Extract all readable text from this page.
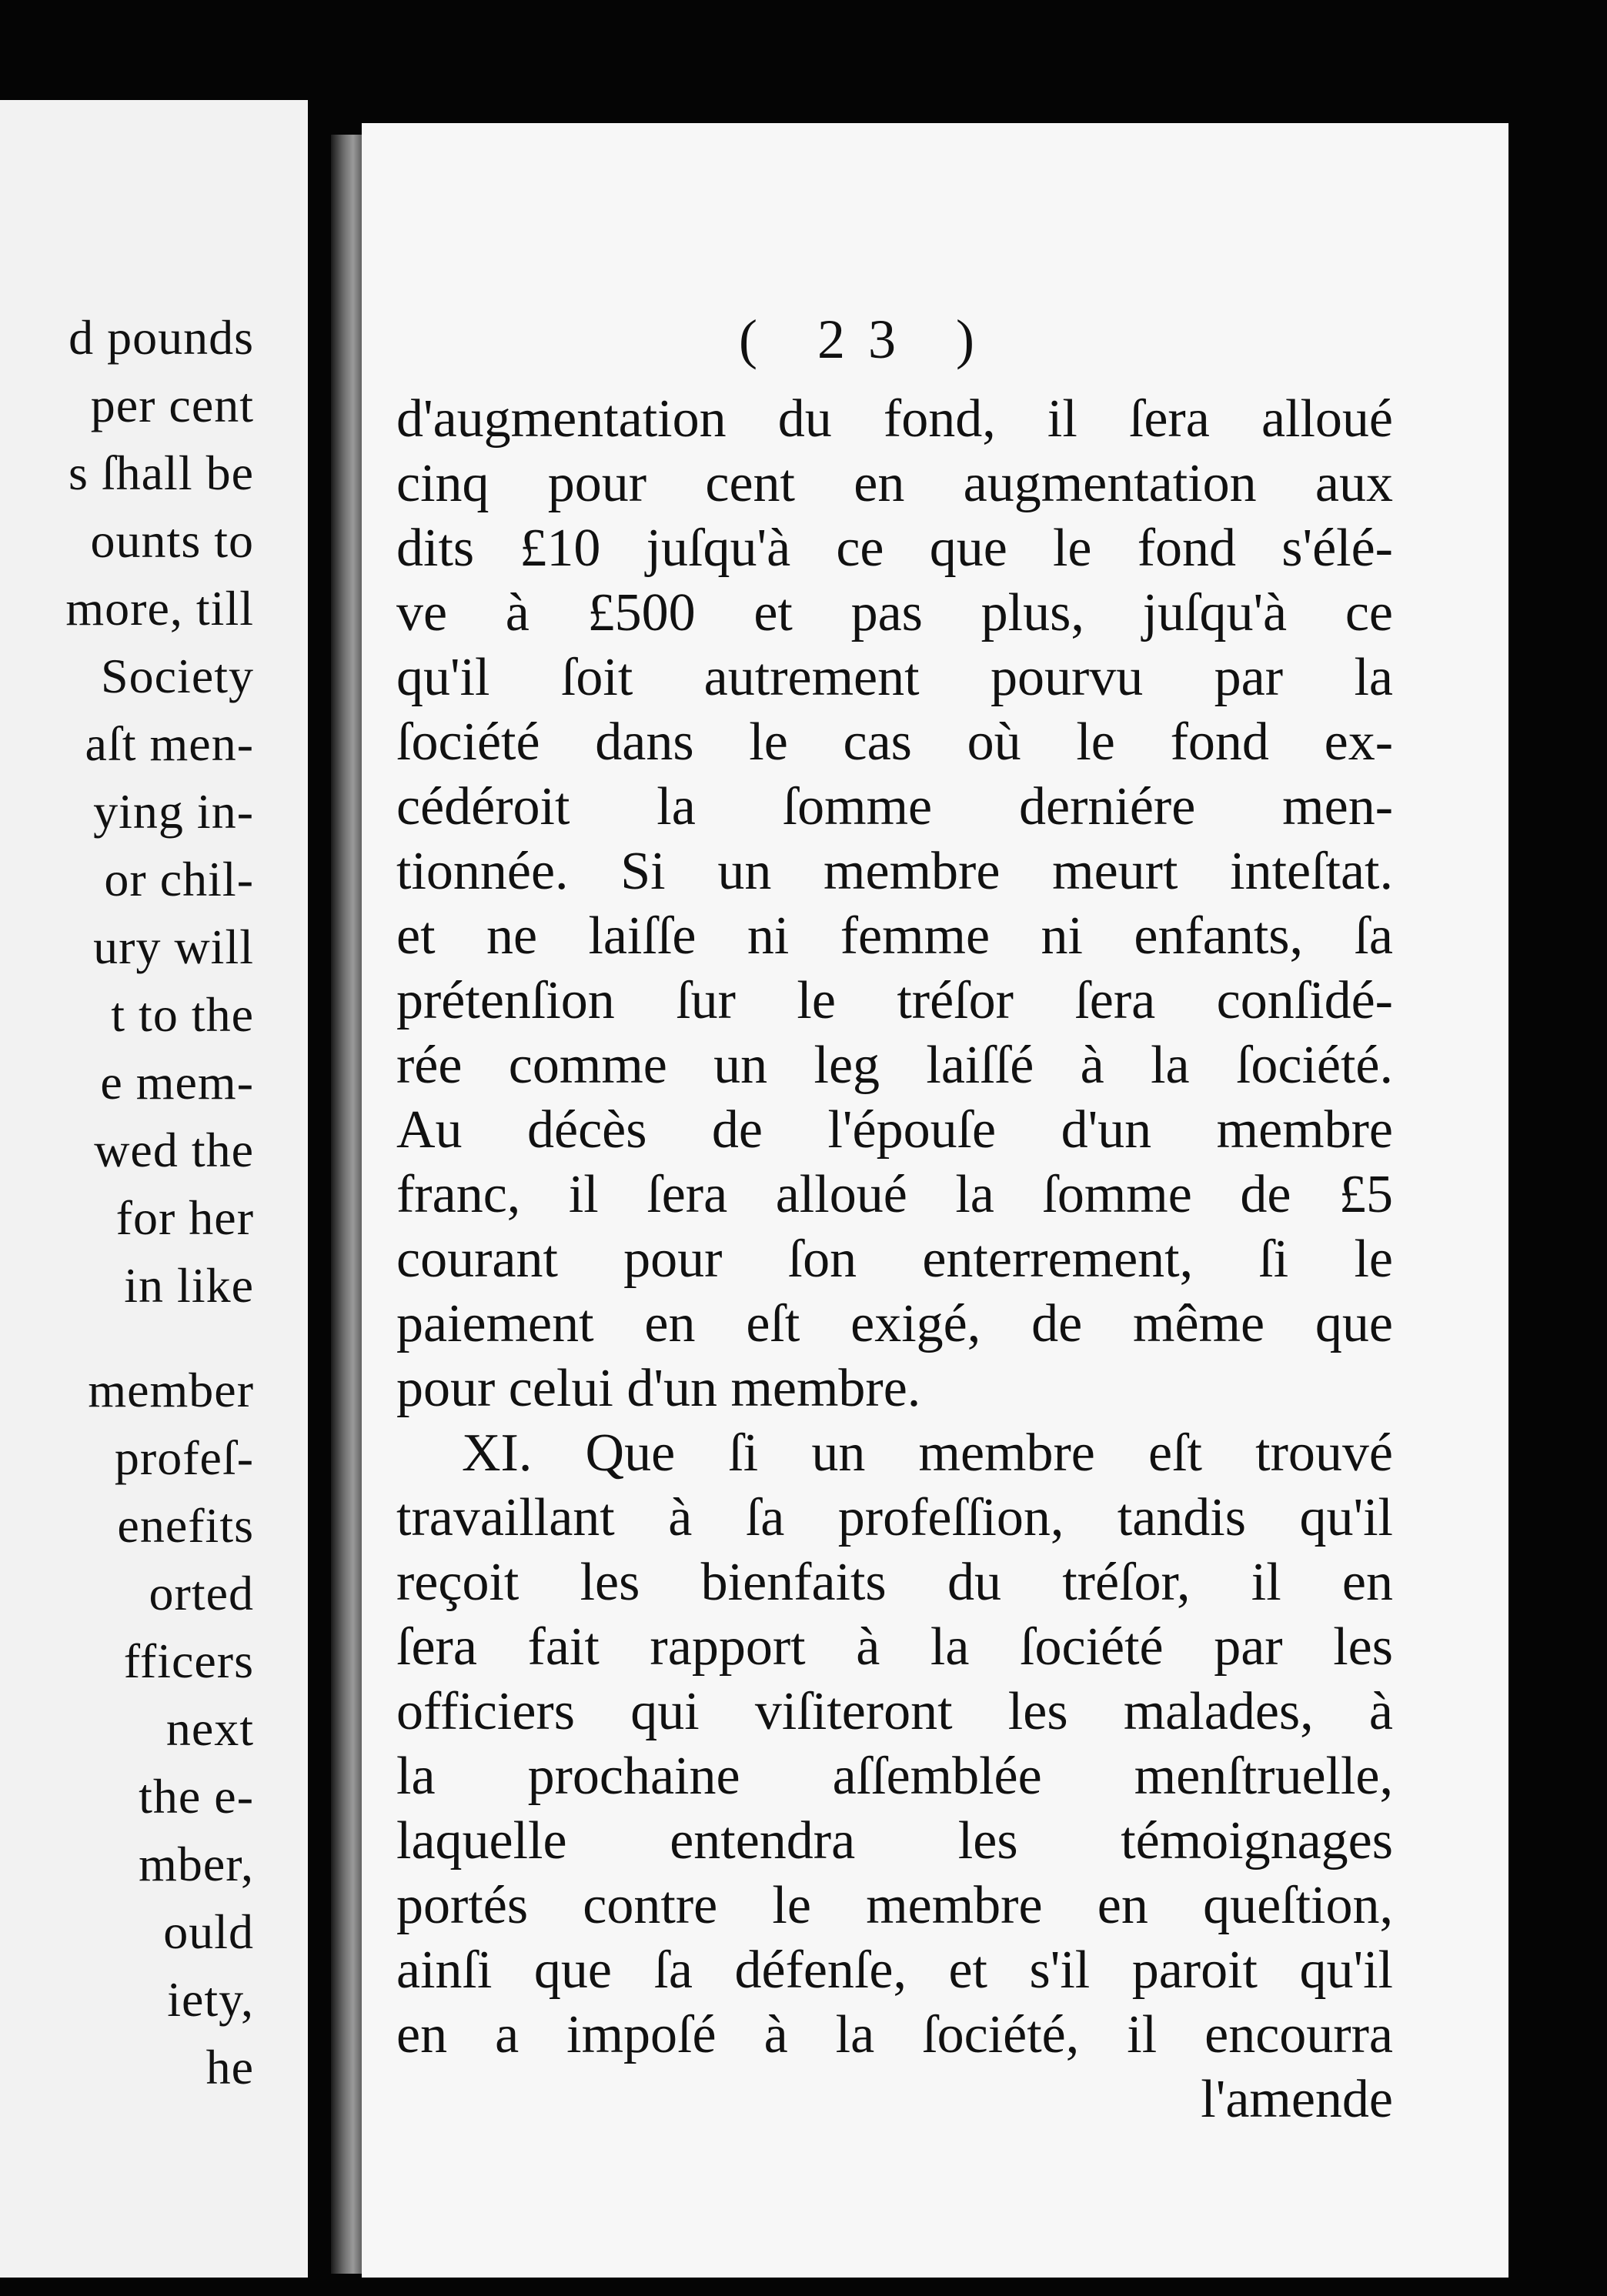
d pounds
per cent
s ſhall be
ounts to
more, till
Society
aſt men-
ying in-
or chil-
ury will
t to the
e mem-
wed the
for her
in like
member
profeſ-
enefits
orted
fficers
next
the e-
mber,
ould
iety,
he
( 23 )
d'augmentation du fond, il ſera alloué
cinq pour cent en augmentation aux
dits £10 juſqu'à ce que le fond s'élé-
ve à £500 et pas plus, juſqu'à ce
qu'il ſoit autrement pourvu par la
ſociété dans le cas où le fond ex-
cédéroit la ſomme derniére men-
tionnée. Si un membre meurt inteſtat.
et ne laiſſe ni femme ni enfants, ſa
prétenſion ſur le tréſor ſera conſidé-
rée comme un leg laiſſé à la ſociété.
Au décès de l'épouſe d'un membre
franc, il ſera alloué la ſomme de £5
courant pour ſon enterrement, ſi le
paiement en eſt exigé, de même que
pour celui d'un membre.
XI. Que ſi un membre eſt trouvé
travaillant à ſa profeſſion, tandis qu'il
reçoit les bienfaits du tréſor, il en
ſera fait rapport à la ſociété par les
officiers qui viſiteront les malades, à
la prochaine aſſemblée menſtruelle,
laquelle entendra les témoignages
portés contre le membre en queſtion,
ainſi que ſa défenſe, et s'il paroit qu'il
en a impoſé à la ſociété, il encourra
l'amende
